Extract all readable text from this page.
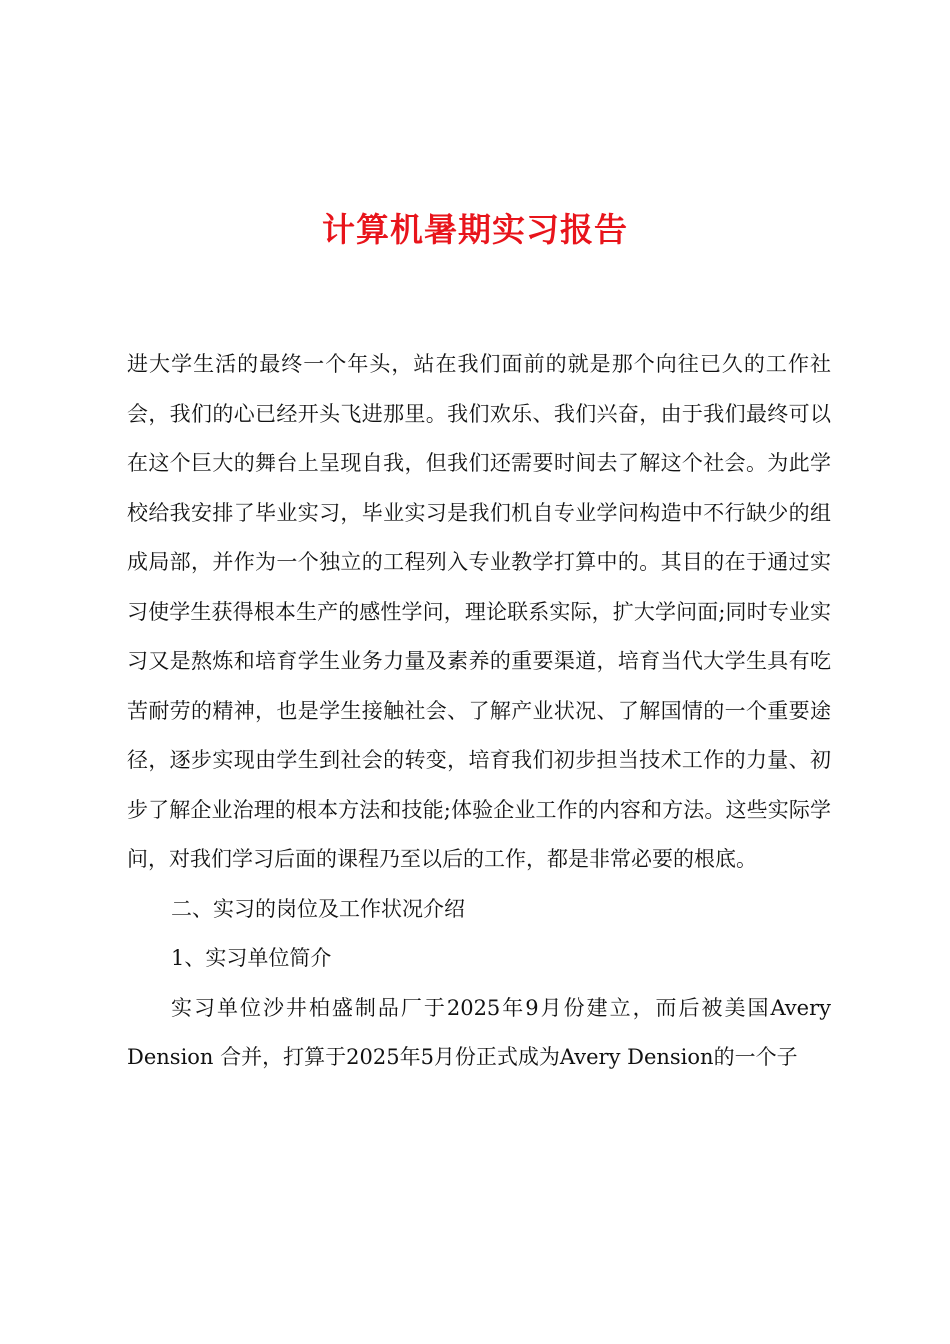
计算机暑期实习报告

进大学生活的最终一个年头，站在我们面前的就是那个向往已久的工作社会，我们的心已经开头飞进那里。我们欢乐、我们兴奋，由于我们最终可以在这个巨大的舞台上呈现自我，但我们还需要时间去了解这个社会。为此学校给我安排了毕业实习，毕业实习是我们机自专业学问构造中不行缺少的组成局部，并作为一个独立的工程列入专业教学打算中的。其目的在于通过实习使学生获得根本生产的感性学问，理论联系实际，扩大学问面;同时专业实习又是熬炼和培育学生业务力量及素养的重要渠道，培育当代大学生具有吃苦耐劳的精神，也是学生接触社会、了解产业状况、了解国情的一个重要途径，逐步实现由学生到社会的转变，培育我们初步担当技术工作的力量、初步了解企业治理的根本方法和技能;体验企业工作的内容和方法。这些实际学问，对我们学习后面的课程乃至以后的工作，都是非常必要的根底。

二、实习的岗位及工作状况介绍

1、实习单位简介

实习单位沙井柏盛制品厂于2025年9月份建立，而后被美国Avery Dension 合并，打算于2025年5月份正式成为Avery Dension的一个子
